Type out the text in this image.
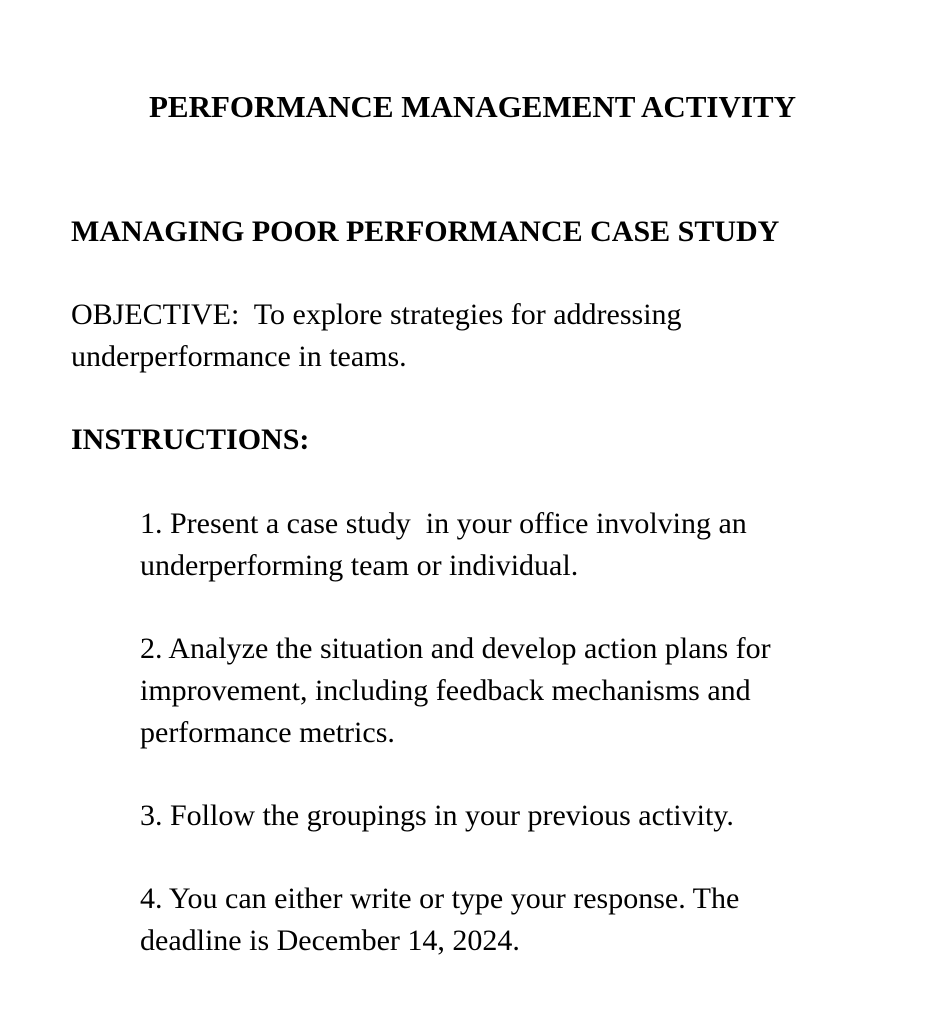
PERFORMANCE MANAGEMENT ACTIVITY
MANAGING POOR PERFORMANCE CASE STUDY

OBJECTIVE:  To explore strategies for addressing
underperformance in teams.

INSTRUCTIONS:

1. Present a case study  in your office involving an
underperforming team or individual.

2. Analyze the situation and develop action plans for
improvement, including feedback mechanisms and
performance metrics.

3. Follow the groupings in your previous activity.

4. You can either write or type your response. The
deadline is December 14, 2024.
